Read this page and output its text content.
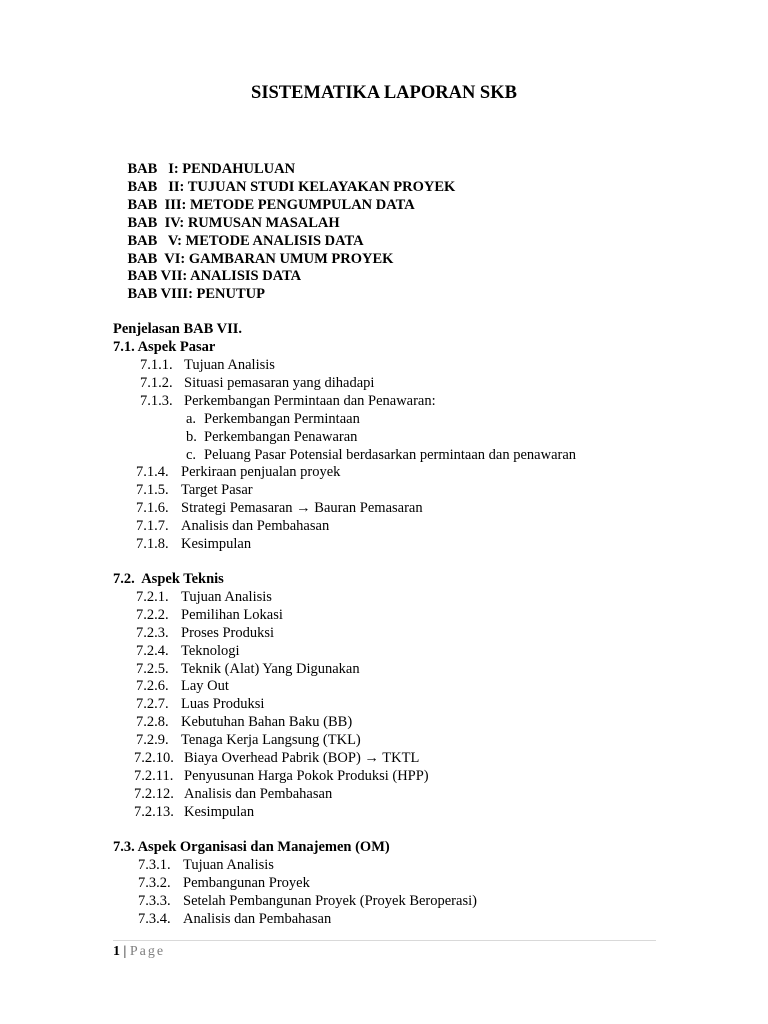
SISTEMATIKA LAPORAN SKB

BAB   I: PENDAHULUAN

BAB   II: TUJUAN STUDI KELAYAKAN PROYEK

BAB  III: METODE PENGUMPULAN DATA

BAB  IV: RUMUSAN MASALAH

BAB   V: METODE ANALISIS DATA

BAB  VI: GAMBARAN UMUM PROYEK

BAB VII: ANALISIS DATA

BAB VIII: PENUTUP

Penjelasan BAB VII.
7.1. Aspek Pasar
7.1.1. Tujuan Analisis
7.1.2. Situasi pemasaran yang dihadapi
7.1.3. Perkembangan Permintaan dan Penawaran:
a. Perkembangan Permintaan
b. Perkembangan Penawaran
c. Peluang Pasar Potensial berdasarkan permintaan dan penawaran
7.1.4. Perkiraan penjualan proyek
7.1.5. Target Pasar
7.1.6. Strategi Pemasaran → Bauran Pemasaran
7.1.7. Analisis dan Pembahasan
7.1.8. Kesimpulan
7.2.  Aspek Teknis
7.2.1. Tujuan Analisis
7.2.2. Pemilihan Lokasi
7.2.3. Proses Produksi
7.2.4. Teknologi
7.2.5. Teknik (Alat) Yang Digunakan
7.2.6. Lay Out
7.2.7. Luas Produksi
7.2.8. Kebutuhan Bahan Baku (BB)
7.2.9. Tenaga Kerja Langsung (TKL)
7.2.10. Biaya Overhead Pabrik (BOP) → TKTL
7.2.11. Penyusunan Harga Pokok Produksi (HPP)
7.2.12. Analisis dan Pembahasan
7.2.13. Kesimpulan
7.3. Aspek Organisasi dan Manajemen (OM)
7.3.1. Tujuan Analisis
7.3.2. Pembangunan Proyek
7.3.3. Setelah Pembangunan Proyek (Proyek Beroperasi)
7.3.4. Analisis dan Pembahasan
1 | Page
